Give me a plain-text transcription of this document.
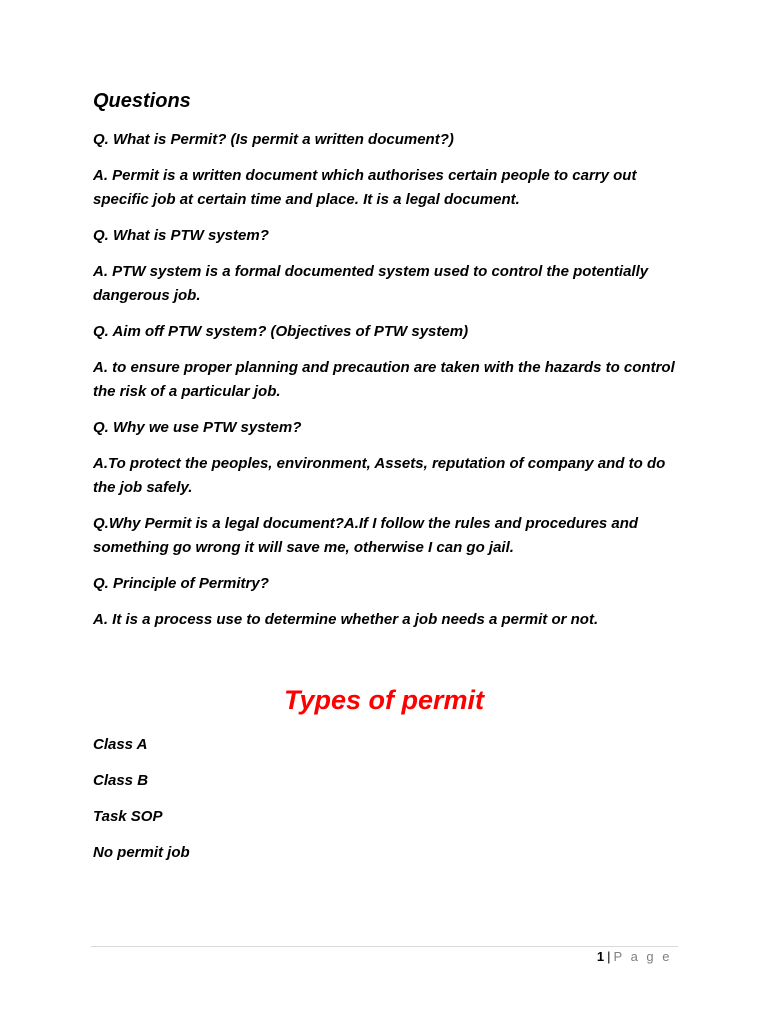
Questions

Q. What is Permit? (Is permit a written document?)

A. Permit is a written document which authorises certain people to carry out specific job at certain time and place. It is a legal document.

Q. What is PTW system?

A. PTW system is a formal documented system used to control the potentially dangerous job.

Q. Aim off PTW system? (Objectives of PTW system)

A. to ensure proper planning and precaution are taken with the hazards to control the risk of a particular job.

Q. Why we use PTW system?

A.To protect the peoples, environment, Assets, reputation of company and to do the job safely.

Q.Why Permit is a legal document?A.If I follow the rules and procedures and something go wrong it will save me, otherwise I can go jail.

Q. Principle of Permitry?

A. It is a process use to determine whether a job needs a permit or not.

Types of permit

Class A

Class B

Task SOP

No permit job

1 | P a g e
